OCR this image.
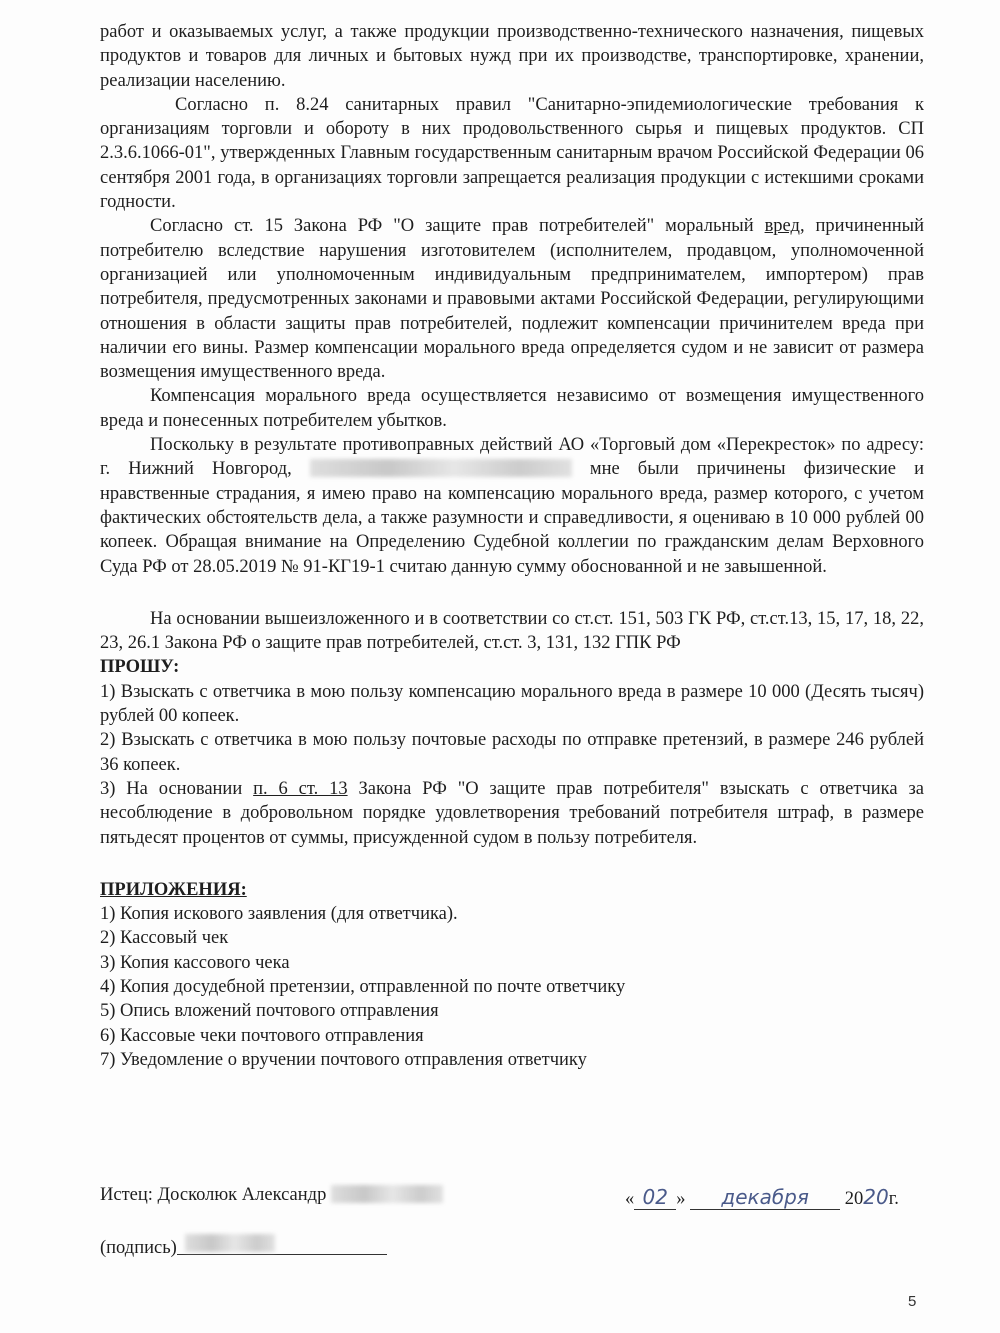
работ и оказываемых услуг, а также продукции производственно-технического назначения, пищевых продуктов и товаров для личных и бытовых нужд при их производстве, транспортировке, хранении, реализации населению.

Согласно п. 8.24 санитарных правил "Санитарно-эпидемиологические требования к организациям торговли и обороту в них продовольственного сырья и пищевых продуктов. СП 2.3.6.1066-01", утвержденных Главным государственным санитарным врачом Российской Федерации 06 сентября 2001 года, в организациях торговли запрещается реализация продукции с истекшими сроками годности.

Согласно ст. 15 Закона РФ "О защите прав потребителей" моральный вред, причиненный потребителю вследствие нарушения изготовителем (исполнителем, продавцом, уполномоченной организацией или уполномоченным индивидуальным предпринимателем, импортером) прав потребителя, предусмотренных законами и правовыми актами Российской Федерации, регулирующими отношения в области защиты прав потребителей, подлежит компенсации причинителем вреда при наличии его вины. Размер компенсации морального вреда определяется судом и не зависит от размера возмещения имущественного вреда.

Компенсация морального вреда осуществляется независимо от возмещения имущественного вреда и понесенных потребителем убытков.

Поскольку в результате противоправных действий АО «Торговый дом «Перекресток» по адресу: г. Нижний Новгород,	мне были причинены физические и нравственные страдания, я имею право на компенсацию морального вреда, размер которого, с учетом фактических обстоятельств дела, а также разумности и справедливости, я оцениваю в 10 000 рублей 00 копеек. Обращая внимание на Определению Судебной коллегии по гражданским делам Верховного Суда РФ от 28.05.2019 № 91-КГ19-1 считаю данную сумму обоснованной и не завышенной.

На основании вышеизложенного и в соответствии со ст.ст. 151, 503 ГК РФ, ст.ст.13, 15, 17, 18, 22, 23, 26.1 Закона РФ о защите прав потребителей, ст.ст. 3, 131, 132 ГПК РФ

ПРОШУ:

1) Взыскать с ответчика в мою пользу компенсацию морального вреда в размере 10 000 (Десять тысяч) рублей 00 копеек.

2) Взыскать с ответчика в мою пользу почтовые расходы по отправке претензий, в размере 246 рублей 36 копеек.

3) На основании п. 6 ст. 13 Закона РФ "О защите прав потребителя" взыскать с ответчика за несоблюдение в добровольном порядке удовлетворения требований потребителя штраф, в размере пятьдесят процентов от суммы, присужденной судом в пользу потребителя.

ПРИЛОЖЕНИЯ:

1) Копия искового заявления (для ответчика).

2) Кассовый чек

3) Копия кассового чека

4) Копия досудебной претензии, отправленной по почте ответчику

5) Опись вложений почтового отправления

6) Кассовые чеки почтового отправления

7) Уведомление о вручении почтового отправления ответчику

Истец: Досколюк Александр	« 02 » декабря 2020г.
(подпись)
5
